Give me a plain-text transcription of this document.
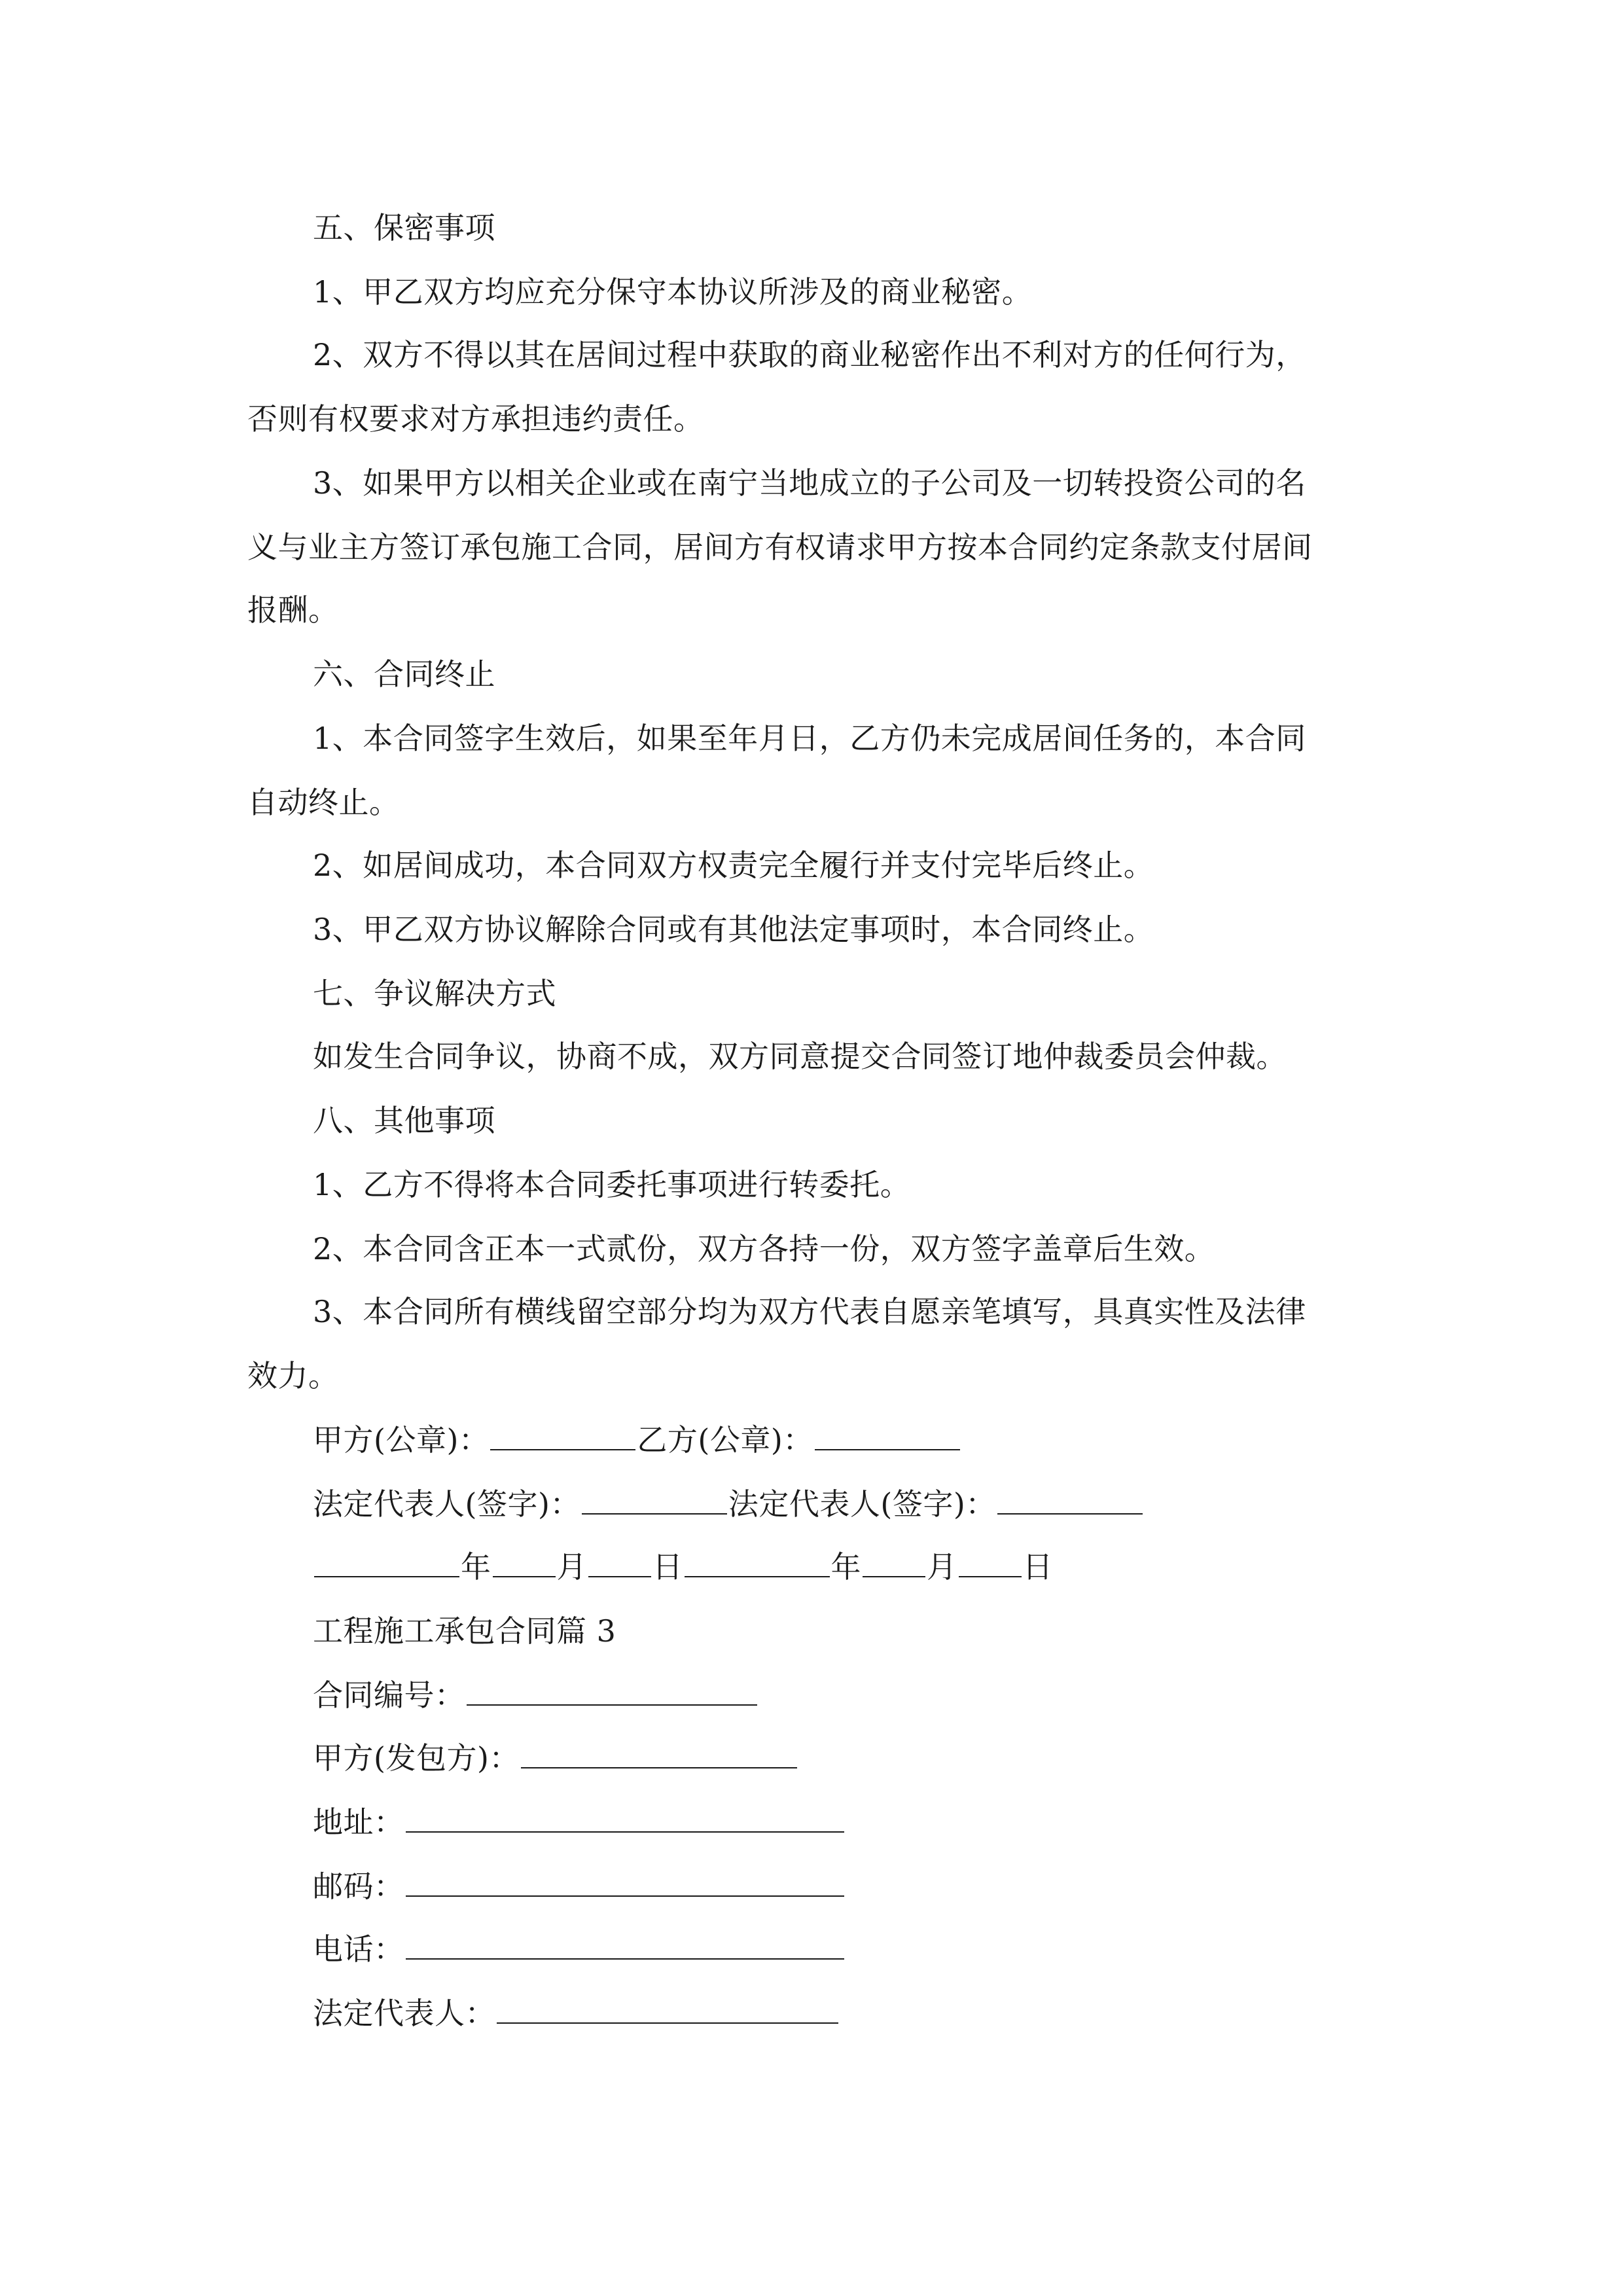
五、保密事项
1、甲乙双方均应充分保守本协议所涉及的商业秘密。
2、双方不得以其在居间过程中获取的商业秘密作出不利对方的任何行为，
否则有权要求对方承担违约责任。
3、如果甲方以相关企业或在南宁当地成立的子公司及一切转投资公司的名
义与业主方签订承包施工合同，居间方有权请求甲方按本合同约定条款支付居间
报酬。
六、合同终止
1、本合同签字生效后，如果至年月日，乙方仍未完成居间任务的，本合同
自动终止。
2、如居间成功，本合同双方权责完全履行并支付完毕后终止。
3、甲乙双方协议解除合同或有其他法定事项时，本合同终止。
七、争议解决方式
如发生合同争议，协商不成，双方同意提交合同签订地仲裁委员会仲裁。
八、其他事项
1、乙方不得将本合同委托事项进行转委托。
2、本合同含正本一式贰份，双方各持一份，双方签字盖章后生效。
3、本合同所有横线留空部分均为双方代表自愿亲笔填写，具真实性及法律
效力。
甲方(公章)：	乙方(公章)：
法定代表人(签字)：	法定代表人(签字)：
年 月 日	年 月 日
工程施工承包合同篇 3
合同编号：
甲方(发包方)：
地址：
邮码：
电话：
法定代表人：
